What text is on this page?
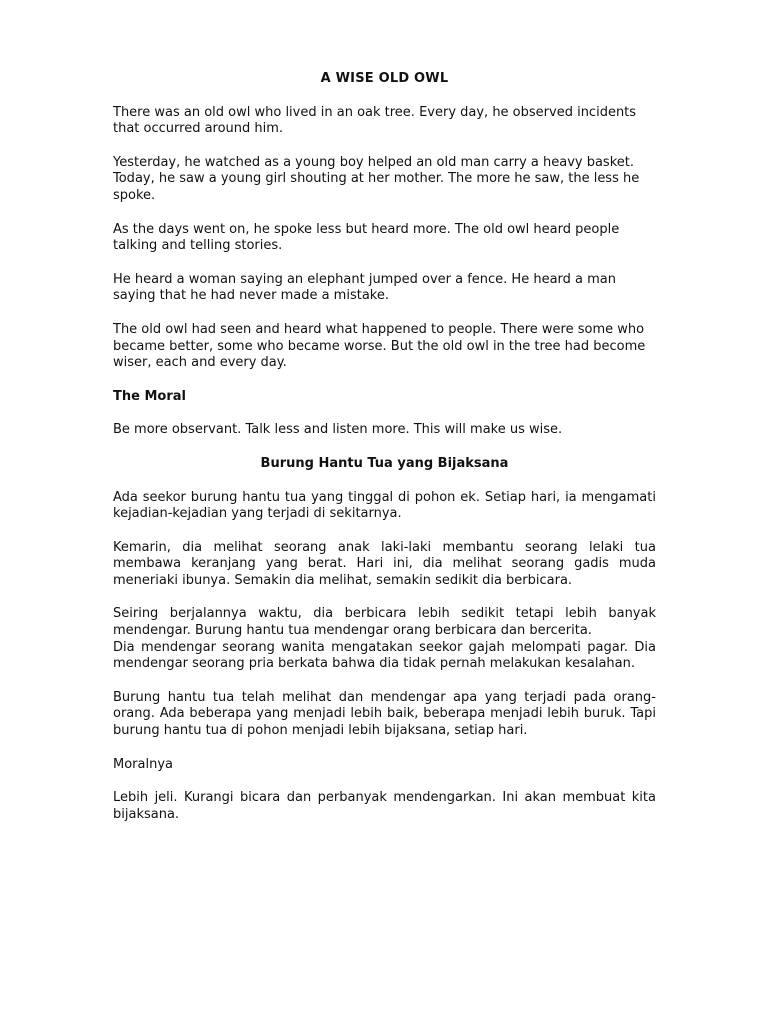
A WISE OLD OWL

There was an old owl who lived in an oak tree. Every day, he observed incidents that occurred around him.

Yesterday, he watched as a young boy helped an old man carry a heavy basket. Today, he saw a young girl shouting at her mother. The more he saw, the less he spoke.

As the days went on, he spoke less but heard more. The old owl heard people talking and telling stories.

He heard a woman saying an elephant jumped over a fence. He heard a man saying that he had never made a mistake.

The old owl had seen and heard what happened to people. There were some who became better, some who became worse. But the old owl in the tree had become wiser, each and every day.

The Moral

Be more observant. Talk less and listen more. This will make us wise.

Burung Hantu Tua yang Bijaksana

Ada seekor burung hantu tua yang tinggal di pohon ek. Setiap hari, ia mengamati kejadian-kejadian yang terjadi di sekitarnya.

Kemarin, dia melihat seorang anak laki-laki membantu seorang lelaki tua membawa keranjang yang berat. Hari ini, dia melihat seorang gadis muda meneriaki ibunya. Semakin dia melihat, semakin sedikit dia berbicara.

Seiring berjalannya waktu, dia berbicara lebih sedikit tetapi lebih banyak mendengar. Burung hantu tua mendengar orang berbicara dan bercerita.
Dia mendengar seorang wanita mengatakan seekor gajah melompati pagar. Dia mendengar seorang pria berkata bahwa dia tidak pernah melakukan kesalahan.

Burung hantu tua telah melihat dan mendengar apa yang terjadi pada orang-orang. Ada beberapa yang menjadi lebih baik, beberapa menjadi lebih buruk. Tapi burung hantu tua di pohon menjadi lebih bijaksana, setiap hari.

Moralnya

Lebih jeli. Kurangi bicara dan perbanyak mendengarkan. Ini akan membuat kita bijaksana.
